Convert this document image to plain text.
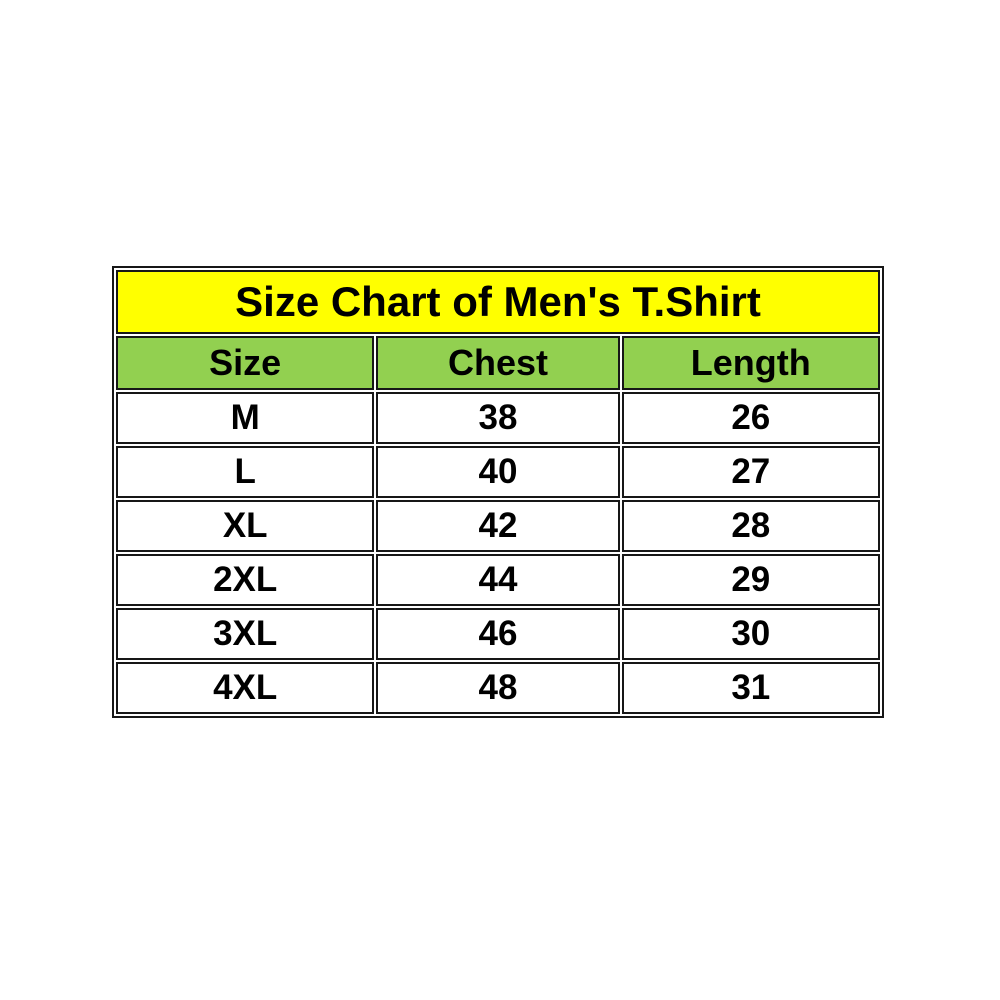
Size Chart of Men's T.Shirt		
Size	Chest	Length
M	38	26
L	40	27
XL	42	28
2XL	44	29
3XL	46	30
4XL	48	31
